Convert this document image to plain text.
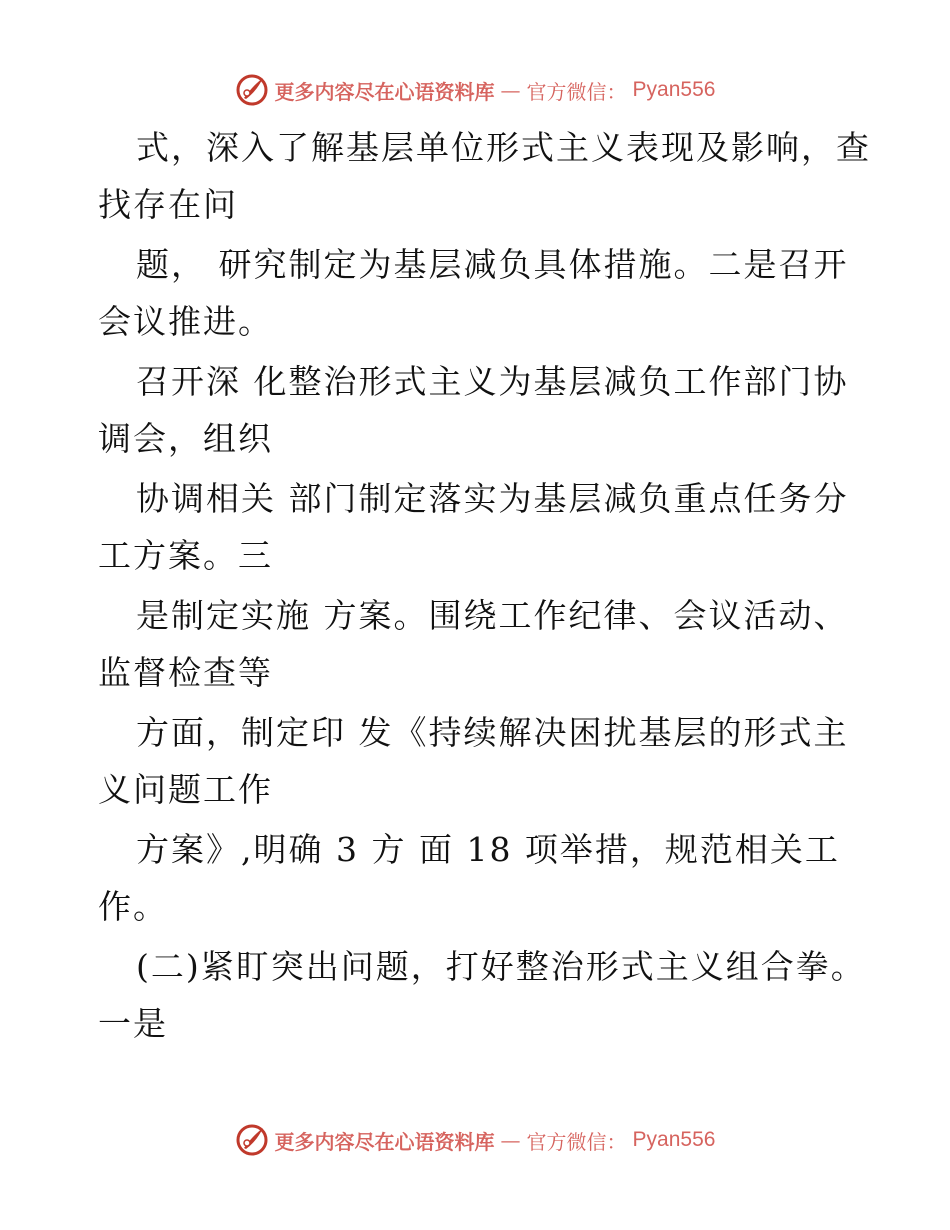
更多内容尽在心语资料库 — 官方微信： Pyan556
式，深入了解基层单位形式主义表现及影响，查
找存在问
题， 研究制定为基层减负具体措施。二是召开
会议推进。
召开深 化整治形式主义为基层减负工作部门协
调会，组织
协调相关 部门制定落实为基层减负重点任务分
工方案。三
是制定实施 方案。围绕工作纪律、会议活动、
监督检查等
方面，制定印 发《持续解决困扰基层的形式主
义问题工作
方案》,明确 3 方 面 18 项举措，规范相关工
作。
(二)紧盯突出问题，打好整治形式主义组合拳。
一是
更多内容尽在心语资料库 — 官方微信： Pyan556
